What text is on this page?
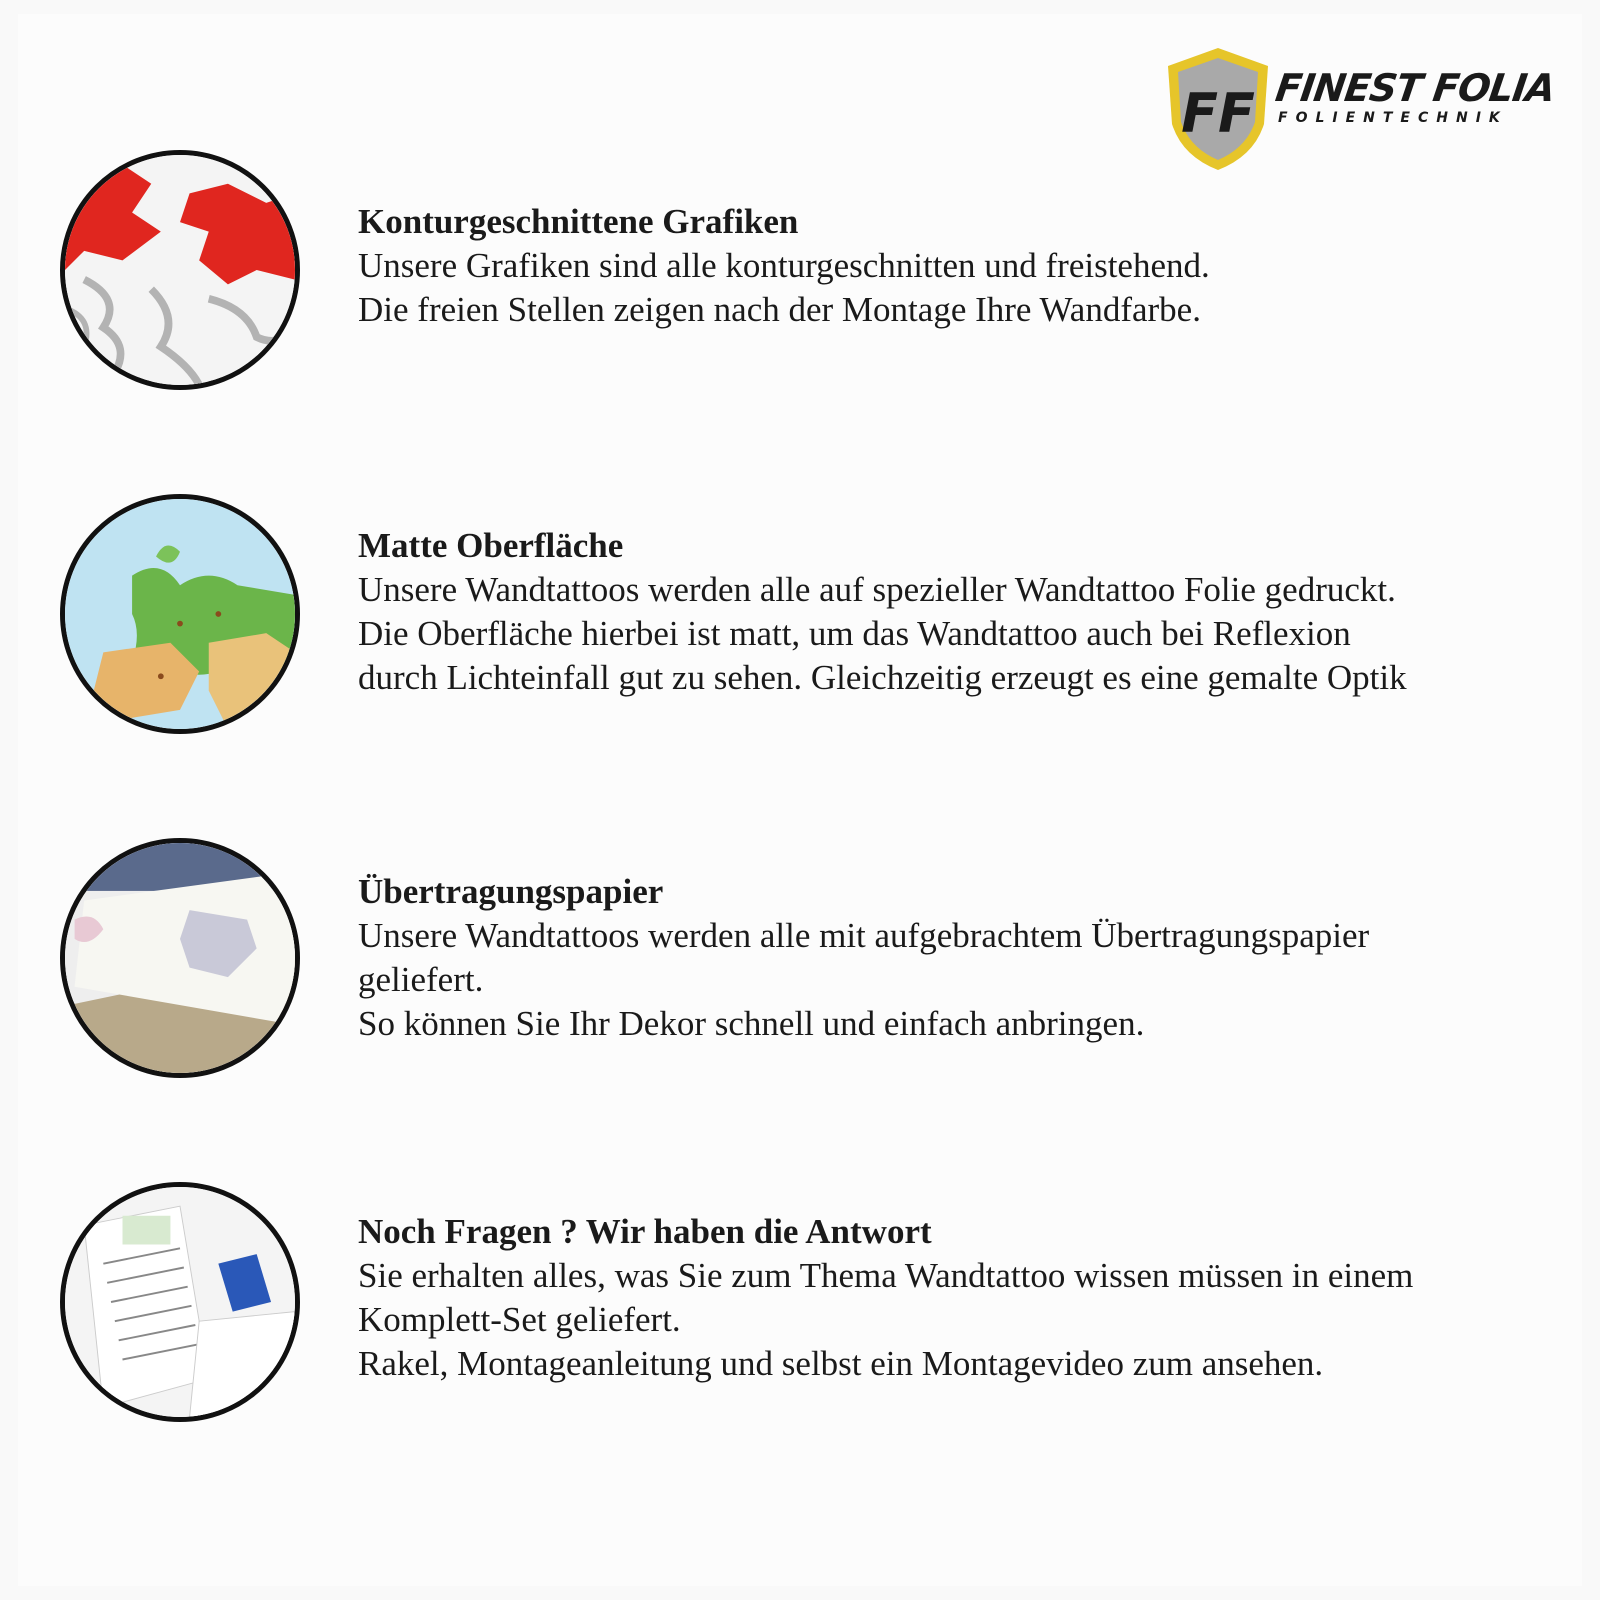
FF FINEST FOLIA
FOLIENTECHNIK
Konturgeschnittene Grafiken
Unsere Grafiken sind alle konturgeschnitten und freistehend.
Die freien Stellen zeigen nach der Montage Ihre Wandfarbe.
Matte Oberfläche
Unsere Wandtattoos werden alle auf spezieller Wandtattoo Folie gedruckt.
Die Oberfläche hierbei ist matt, um das Wandtattoo auch bei Reflexion
durch Lichteinfall gut zu sehen. Gleichzeitig erzeugt es eine gemalte Optik
Übertragungspapier
Unsere Wandtattoos werden alle mit aufgebrachtem Übertragungspapier
geliefert.
So können Sie Ihr Dekor schnell und einfach anbringen.
Noch Fragen ? Wir haben die Antwort
Sie erhalten alles, was Sie zum Thema Wandtattoo wissen müssen in einem
Komplett-Set geliefert.
Rakel, Montageanleitung und selbst ein Montagevideo zum ansehen.
